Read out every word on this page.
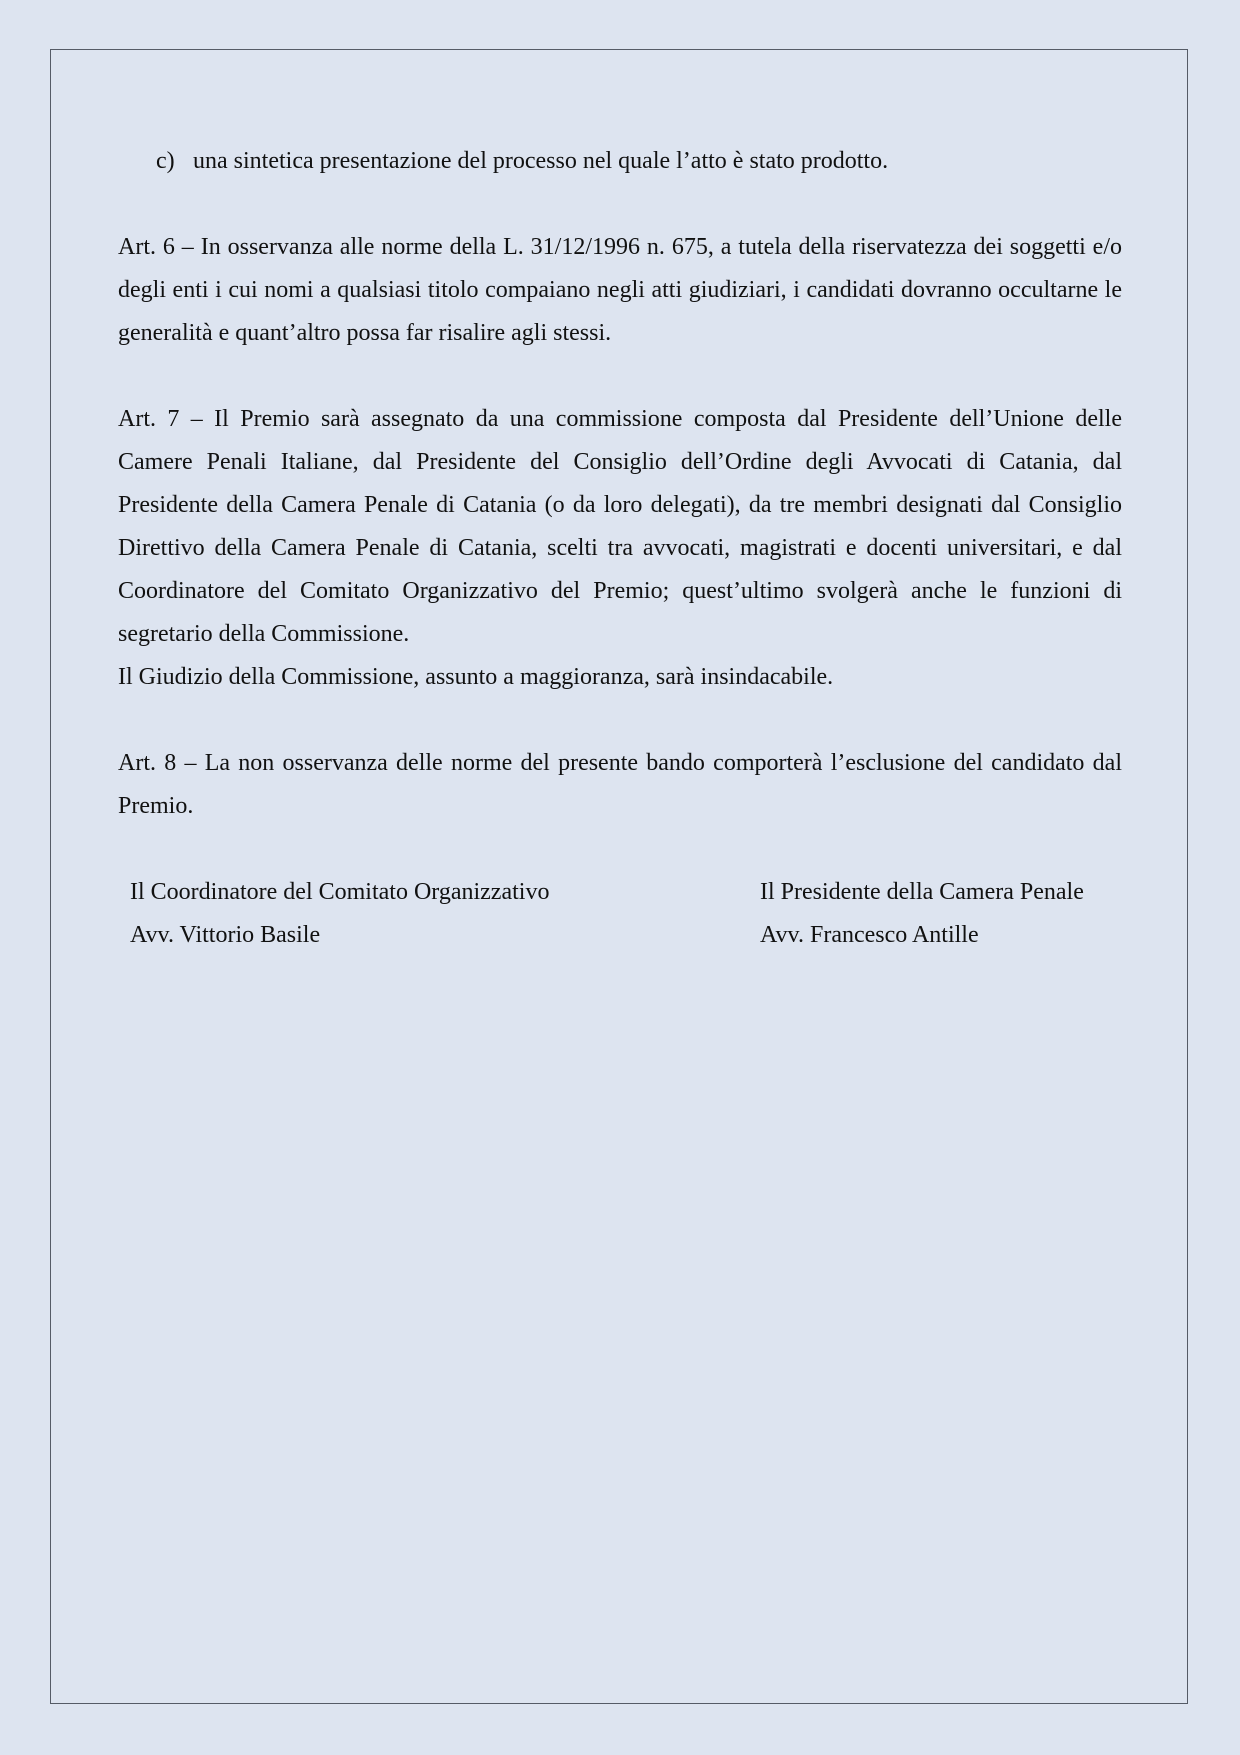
c) una sintetica presentazione del processo nel quale l’atto è stato prodotto.

Art. 6 – In osservanza alle norme della L. 31/12/1996 n. 675, a tutela della riservatezza dei soggetti e/o degli enti i cui nomi a qualsiasi titolo compaiano negli atti giudiziari, i candidati dovranno occultarne le generalità e quant’altro possa far risalire agli stessi.

Art. 7 – Il Premio sarà assegnato da una commissione composta dal Presidente dell’Unione delle Camere Penali Italiane, dal Presidente del Consiglio dell’Ordine degli Avvocati di Catania, dal Presidente della Camera Penale di Catania (o da loro delegati), da tre membri designati dal Consiglio Direttivo della Camera Penale di Catania, scelti tra avvocati, magistrati e docenti universitari, e dal Coordinatore del Comitato Organizzativo del Premio; quest’ultimo svolgerà anche le funzioni di segretario della Commissione.

Il Giudizio della Commissione, assunto a maggioranza, sarà insindacabile.

Art. 8 – La non osservanza delle norme del presente bando comporterà l’esclusione del candidato dal Premio.

Il Coordinatore del Comitato Organizzativo
Avv. Vittorio Basile
Il Presidente della Camera Penale
Avv. Francesco Antille
